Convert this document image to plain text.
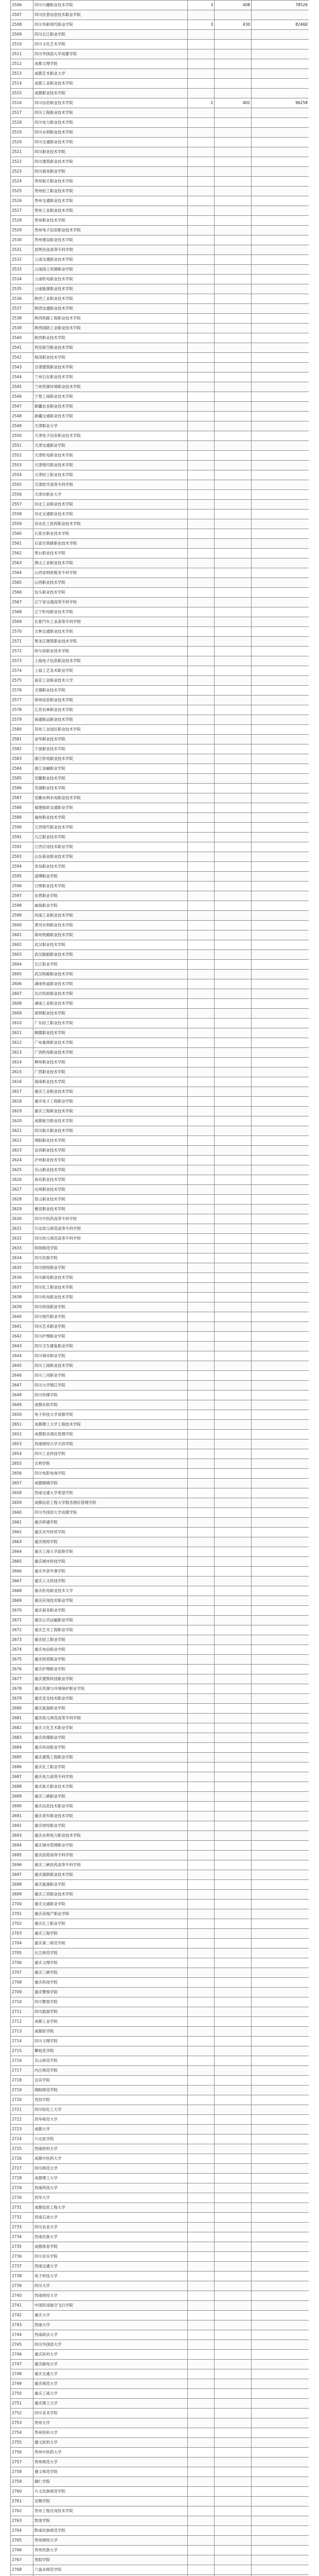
2506	四川兴趣职业技术学院	3	408	78526
2507	四川托普信息技术职业学院			
2508	四川华新现代职业学院	3	430	82460
2509	四川长江职业学院			
2510	四川文化艺术学院			
2511	四川外国语大学成都学院			
2512	成都文理学院			
2513	成都艺术职业大学			
2514	成都工业职业技术学院			
2515	成都职业技术学院			
2516	四川信息职业技术学院	2	402	96258
2517	四川工程职业技术学院			
2518	四川电力职业技术学院			
2519	四川水利职业技术学院			
2520	四川交通职业技术学院			
2521	四川职业技术学院			
2522	四川建筑职业技术学院			
2523	四川商务职业学院			
2524	贵州航天职业技术学院			
2525	贵州轻工职业技术学院			
2526	贵州交通职业技术学院			
2527	贵州工业职业技术学院			
2528	贵州职业技术学院			
2529	贵州电子信息职业技术学院			
2530	贵州建设职业技术学院			
2531	昆明冶金高等专科学校			
2532	云南交通职业技术学院			
2533	云南国土资源职业学院			
2534	云南机电职业技术学院			
2535	云南能源职业技术学院			
2536	陕西工业职业技术学院			
2537	陕西交通职业技术学院			
2538	陕西铁路工程职业技术学院			
2539	陕西国防工业职业技术学院			
2540	陕西职业技术学院			
2541	西安航空职业技术学院			
2542	杨凌职业技术学院			
2543	甘肃建筑职业技术学院			
2544	兰州石化职业技术学院			
2545	兰州资源环境职业技术学院			
2546	宁夏工商职业技术学院			
2547	新疆农业职业技术学院			
2548	新疆交通职业技术学院			
2549	天津职业大学			
2550	天津电子信息职业技术学院			
2551	天津交通职业学院			
2552	天津机电职业技术学院			
2553	天津现代职业技术学院			
2554	天津轻工职业技术学院			
2555	天津医学高等专科学校			
2556	天津市职业大学			
2557	河北工业职业技术学院			
2558	河北交通职业技术学院			
2559	河北化工医药职业技术学院			
2560	石家庄职业技术学院			
2561	石家庄铁路职业技术学院			
2562	邢台职业技术学院			
2563	唐山工业职业技术学院			
2564	山西省财政税务专科学校			
2565	山西职业技术学院			
2566	包头职业技术学院			
2567	辽宁省交通高等专科学校			
2568	辽宁机电职业技术学院			
2569	长春汽车工业高等专科学校			
2570	吉林交通职业技术学院			
2571	黑龙江建筑职业技术学院			
2572	哈尔滨职业技术学院			
2573	上海电子信息职业技术学院			
2574	上海工艺美术职业学院			
2575	南京工业职业技术大学			
2576	无锡职业技术学院			
2577	常州信息职业技术学院			
2578	江苏农林职业技术学院			
2579	南通航运职业技术学院			
2580	苏州工业园区职业技术学院			
2581	金华职业技术学院			
2582	宁波职业技术学院			
2583	浙江机电职业技术学院			
2584	浙江金融职业学院			
2585	安徽职业技术学院			
2586	芜湖职业技术学院			
2587	安徽水利水电职业技术学院			
2588	福建船政交通职业学院			
2589	福州职业技术学院			
2590	江西现代职业技术学院			
2591	九江职业技术学院			
2592	江西应用技术职业学院			
2593	山东商业职业技术学院			
2594	青岛职业技术学院			
2595	淄博职业学院			
2596	日照职业技术学院			
2597	东营职业学院			
2598	威海职业学院			
2599	河南工业职业技术学院			
2600	黄河水利职业技术学院			
2601	郑州铁路职业技术学院			
2602	武汉职业技术学院			
2603	武汉船舶职业技术学院			
2604	长江职业学院			
2605	武汉铁路职业技术学院			
2606	湖南铁道职业技术学院			
2607	长沙民政职业技术学院			
2608	湖南工业职业技术学院			
2609	深圳职业技术学院			
2610	广东轻工职业技术学院			
2611	顺德职业技术学院			
2612	广州番禺职业技术学院			
2613	广西机电职业技术学院			
2614	柳州职业技术学院			
2615	广西职业技术学院			
2616	海南职业技术学院			
2617	重庆工业职业技术学院			
2618	重庆电子工程职业学院			
2619	重庆工程职业技术学院			
2620	成都航空职业技术学院			
2621	四川航天职业技术学院			
2622	绵阳职业技术学院			
2623	宜宾职业技术学院			
2624	泸州职业技术学院			
2625	乐山职业技术学院			
2626	南充职业技术学院			
2627	达州职业技术学院			
2628	眉山职业技术学院			
2629	雅安职业技术学院			
2630	四川中医药高等专科学校			
2631	川北幼儿师范高等专科学校			
2632	四川幼儿师范高等专科学校			
2633	阿坝师范学院			
2634	四川民族学院			
2635	四川财经职业学院			
2636	四川邮电职业技术学院			
2637	四川化工职业技术学院			
2638	四川机电职业技术学院			
2639	四川科技职业学院			
2640	四川现代职业学院			
2641	四川艺术职业学院			
2642	四川护理职业学院			
2643	四川卫生康复职业学院			
2644	四川城市职业学院			
2645	四川工商职业技术学院			
2646	四川三河职业学院			
2647	四川大学锦江学院			
2648	四川传媒学院			
2649	成都东软学院			
2650	电子科技大学成都学院			
2651	成都理工大学工程技术学院			
2652	成都银杏酒店管理学院			
2653	西南财经大学天府学院			
2654	四川工业科技学院			
2655	吉利学院			
2656	四川电影电视学院			
2657	成都锦城学院			
2658	西南交通大学希望学院			
2659	成都信息工程大学银杏酒店管理学院			
2660	四川外国语大学成都学院			
2661	重庆移通学院			
2662	重庆对外经贸学院			
2663	重庆财经学院			
2664	重庆工商大学派斯学院			
2665	重庆城市科技学院			
2666	重庆外语外事学院			
2667	重庆人文科技学院			
2668	重庆机电职业技术大学			
2669	重庆应用技术职业学院			
2670	重庆商务职业学院			
2671	重庆公共运输职业学院			
2672	重庆艺术工程职业学院			
2673	重庆轻工职业学院			
2674	重庆电信职业学院			
2675	重庆经贸职业学院			
2676	重庆护理职业学院			
2677	重庆建筑科技职业学院			
2678	重庆资源与环境保护职业学院			
2679	重庆安全技术职业学院			
2680	重庆旅游职业学院			
2681	重庆幼儿师范高等专科学校			
2682	重庆文化艺术职业学院			
2683	重庆传媒职业学院			
2684	重庆科创职业学院			
2685	重庆建筑工程职业学院			
2686	重庆化工职业学院			
2687	重庆电力高等专科学校			
2688	重庆航天职业技术学院			
2689	重庆三峡职业学院			
2690	重庆信息技术职业学院			
2691	重庆青年职业技术学院			
2692	重庆财经职业学院			
2693	重庆水利电力职业技术学院			
2694	重庆城市管理职业学院			
2695	重庆医药高等专科学校			
2696	重庆三峡医药高等专科学校			
2697	重庆海联职业技术学院			
2698	重庆能源职业学院			
2699	重庆工贸职业技术学院			
2700	重庆交通职业学院			
2701	重庆房地产职业学院			
2702	重庆化工职业学院			
2703	重庆工程学院			
2704	重庆第二师范学院			
2705	长江师范学院			
2706	重庆文理学院			
2707	重庆三峡学院			
2708	重庆科技学院			
2709	重庆警察学院			
2710	四川警察学院			
2711	四川旅游学院			
2712	成都工业学院			
2713	成都医学院			
2714	四川文理学院			
2715	攀枝花学院			
2716	乐山师范学院			
2717	内江师范学院			
2718	宜宾学院			
2719	绵阳师范学院			
2720	西昌学院			
2721	四川轻化工大学			
2722	西华师范大学			
2723	成都大学			
2724	川北医学院			
2725	西南医科大学			
2726	成都中医药大学			
2727	四川师范大学			
2728	成都理工大学			
2729	西南科技大学			
2730	西华大学			
2731	成都信息工程大学			
2732	西南石油大学			
2733	四川农业大学			
2734	西南民族大学			
2735	成都体育学院			
2736	四川音乐学院			
2737	西南交通大学			
2738	电子科技大学			
2739	四川大学			
2740	西南财经大学			
2741	中国民用航空飞行学院			
2742	重庆大学			
2743	西南大学			
2744	西南政法大学			
2745	四川外国语大学			
2746	重庆医科大学			
2747	重庆邮电大学			
2748	重庆交通大学			
2749	重庆师范大学			
2750	重庆工商大学			
2751	重庆理工大学			
2752	四川美术学院			
2753	贵州大学			
2754	贵州医科大学			
2755	遵义医科大学			
2756	贵州中医药大学			
2757	贵州师范大学			
2758	遵义师范学院			
2759	铜仁学院			
2760	兴义民族师范学院			
2761	安顺学院			
2762	贵州工程应用技术学院			
2763	凯里学院			
2764	黔南民族师范学院			
2765	贵州财经大学			
2766	贵州民族大学			
2767	贵阳学院			
2768	六盘水师范学院			
